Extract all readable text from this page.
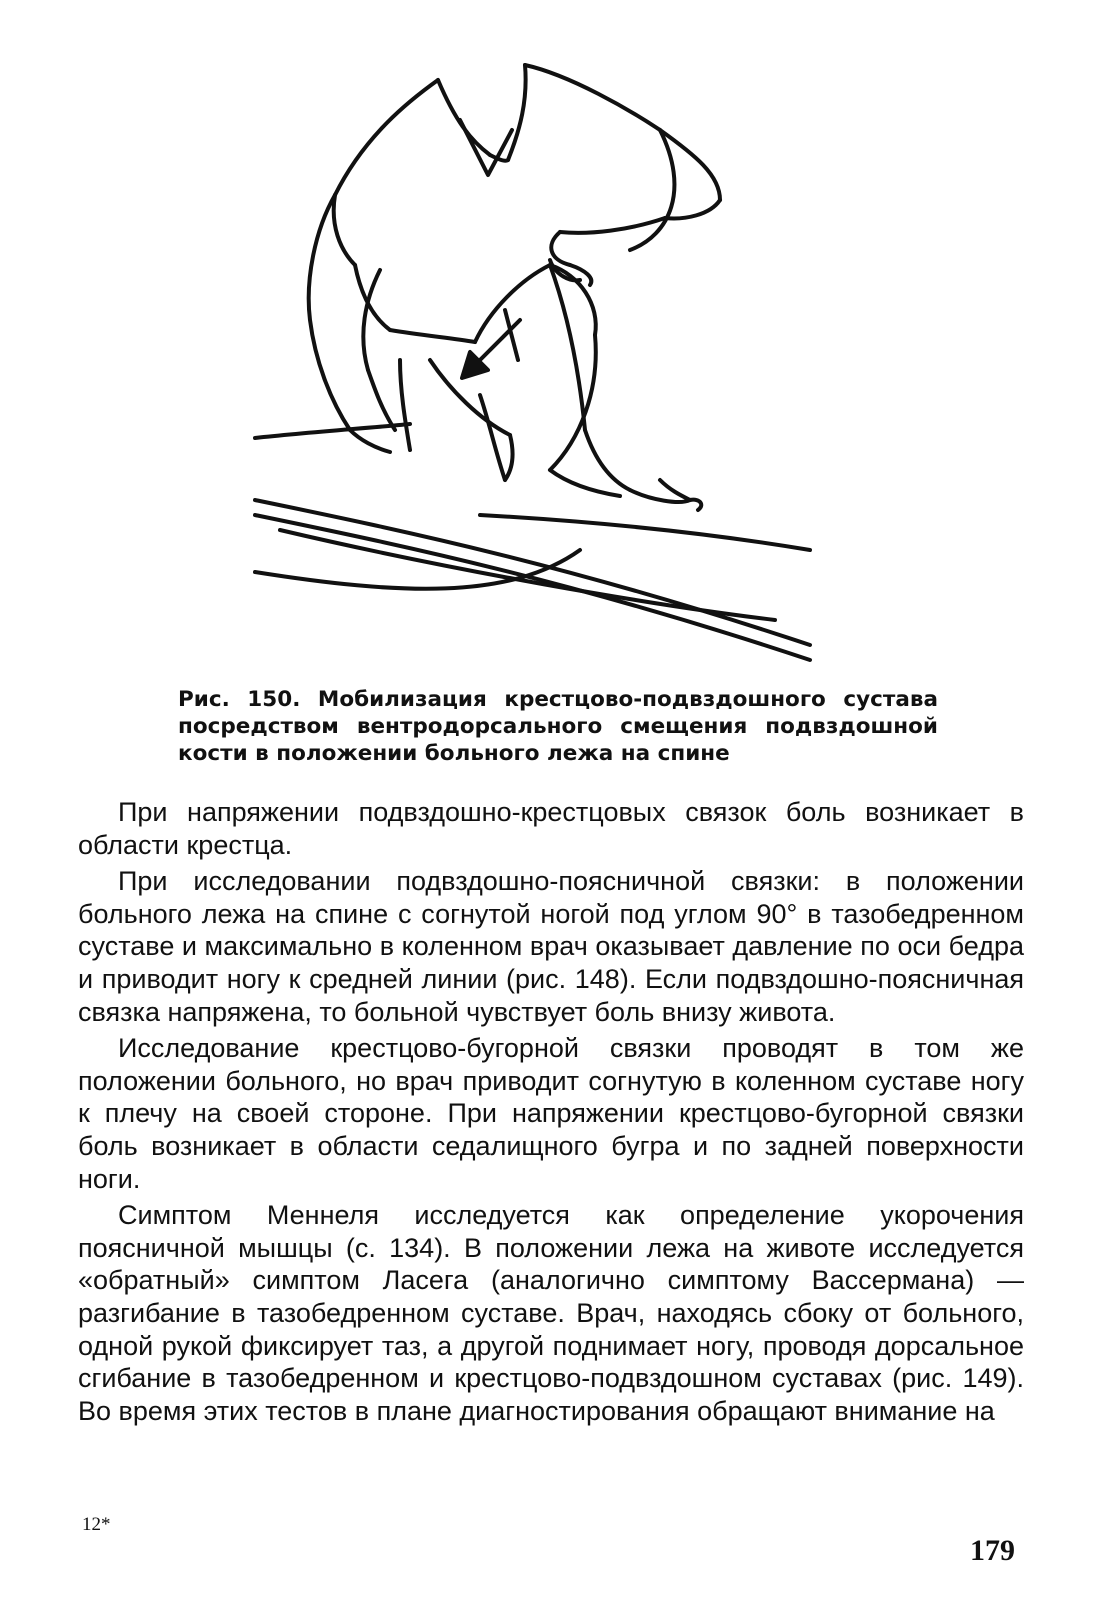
Рис. 150. Мобилизация крестцово-подвздошного сустава посредством вентродорсального смещения подвздошной кости в положении больного лежа на спине

При напряжении подвздошно-крестцовых связок боль возникает в области крестца.

При исследовании подвздошно-поясничной связки: в положении больного лежа на спине с согнутой ногой под углом 90° в тазобедренном суставе и максимально в коленном врач оказывает давление по оси бедра и приводит ногу к средней линии (рис. 148). Если подвздошно-поясничная связка напряжена, то больной чувствует боль внизу живота.

Исследование крестцово-бугорной связки проводят в том же положении больного, но врач приводит согнутую в коленном суставе ногу к плечу на своей стороне. При напряжении крестцово-бугорной связки боль возникает в области седалищного бугра и по задней поверхности ноги.

Симптом Меннеля исследуется как определение укорочения поясничной мышцы (с. 134). В положении лежа на животе исследуется «обратный» симптом Ласега (аналогично симптому Вассермана) — разгибание в тазобедренном суставе. Врач, находясь сбоку от больного, одной рукой фиксирует таз, а другой поднимает ногу, проводя дорсальное сгибание в тазобедренном и крестцово-подвздошном суставах (рис. 149). Во время этих тестов в плане диагностирования обращают внимание на

12*
179
